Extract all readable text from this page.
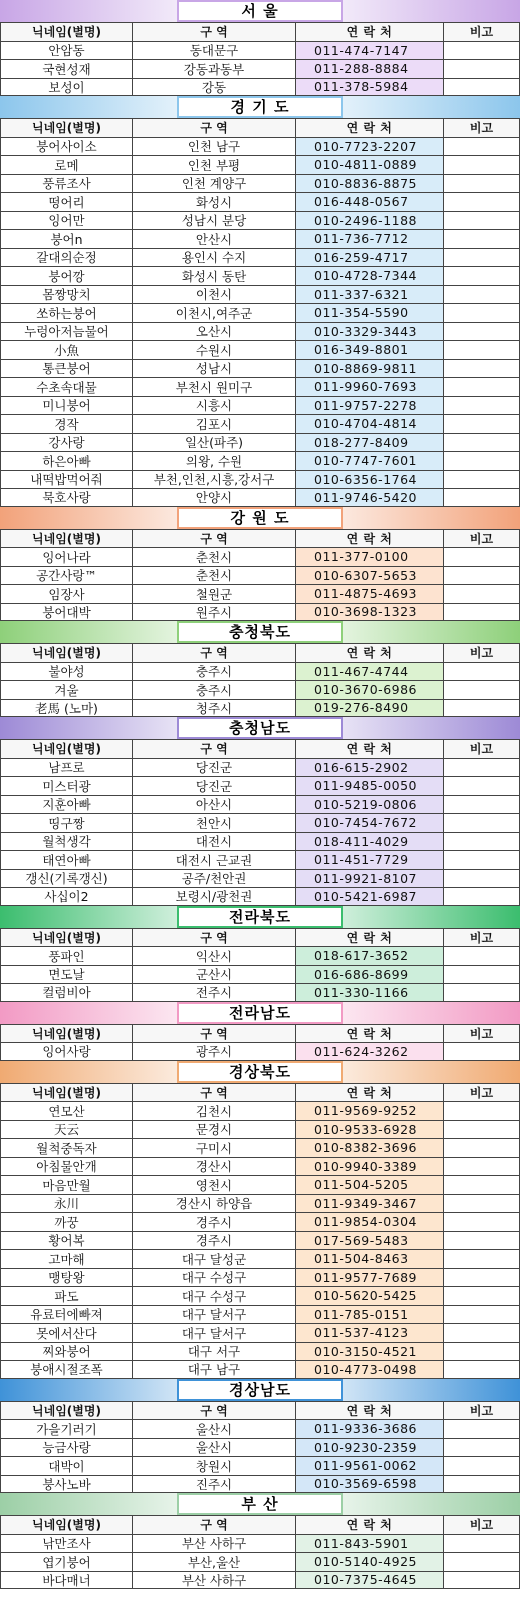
서 울
닉네임(별명)	구 역	연 락 처	비고
안암동	동대문구	011-474-7147
국현성재	강동과동부	011-288-8884
보성이	강동	011-378-5984
경 기 도
닉네임(별명)	구 역	연 락 처	비고
붕어사이소	인천 남구	010-7723-2207
로메	인천 부평	010-4811-0889
풍류조사	인천 계양구	010-8836-8875
떵어리	화성시	016-448-0567
잉어만	성남시 분당	010-2496-1188
붕어n	안산시	011-736-7712
갈대의순정	용인시 수지	016-259-4717
붕어깡	화성시 동탄	010-4728-7344
몸짱망치	이천시	011-337-6321
쏘하는붕어	이천시,여주군	011-354-5590
누렁아저늠물어	오산시	010-3329-3443
小魚	수원시	016-349-8801
통큰붕어	성남시	010-8869-9811
수초속대물	부천시 원미구	011-9960-7693
미니붕어	시흥시	011-9757-2278
경작	김포시	010-4704-4814
강사랑	일산(파주)	018-277-8409
하은아빠	의왕, 수원	010-7747-7601
내떡밥먹어줘	부천,인천,시흥,강서구	010-6356-1764
묵호사랑	안양시	011-9746-5420
강 원 도
닉네임(별명)	구 역	연 락 처	비고
잉어나라	춘천시	011-377-0100
공간사랑™	춘천시	010-6307-5653
임장사	철원군	011-4875-4693
붕어대박	원주시	010-3698-1323
충청북도
닉네임(별명)	구 역	연 락 처	비고
불야성	충주시	011-467-4744
겨울	충주시	010-3670-6986
老馬 (노마)	청주시	019-276-8490
충청남도
닉네임(별명)	구 역	연 락 처	비고
남프로	당진군	016-615-2902
미스터광	당진군	011-9485-0050
지훈아빠	아산시	010-5219-0806
띵구짱	천안시	010-7454-7672
월척생각	대전시	018-411-4029
태연아빠	대전시 근교권	011-451-7729
갱신(기록갱신)	공주/천안권	011-9921-8107
사십이2	보령시/광천권	010-5421-6987
전라북도
닉네임(별명)	구 역	연 락 처	비고
풍파인	익산시	018-617-3652
면도날	군산시	016-686-8699
컬럼비아	전주시	011-330-1166
전라남도
닉네임(별명)	구 역	연 락 처	비고
잉어사랑	광주시	011-624-3262
경상북도
닉네임(별명)	구 역	연 락 처	비고
연모산	김천시	011-9569-9252
天云	문경시	010-9533-6928
월척중독자	구미시	010-8382-3696
아침물안개	경산시	010-9940-3389
마음만월	영천시	011-504-5205
永川	경산시 하양읍	011-9349-3467
까꿍	경주시	011-9854-0304
황어복	경주시	017-569-5483
고마해	대구 달성군	011-504-8463
맹탕왕	대구 수성구	011-9577-7689
파도	대구 수성구	010-5620-5425
유료터에빠져	대구 달서구	011-785-0151
못에서산다	대구 달서구	011-537-4123
찌와붕어	대구 서구	010-3150-4521
붕애시절조폭	대구 남구	010-4773-0498
경상남도
닉네임(별명)	구 역	연 락 처	비고
가을기러기	울산시	011-9336-3686
능금사랑	울산시	010-9230-2359
대박이	창원시	011-9561-0062
붕사노바	진주시	010-3569-6598
부 산
닉네임(별명)	구 역	연 락 처	비고
낚만조사	부산 사하구	011-843-5901
엽기붕어	부산,울산	010-5140-4925
바다매너	부산 사하구	010-7375-4645
